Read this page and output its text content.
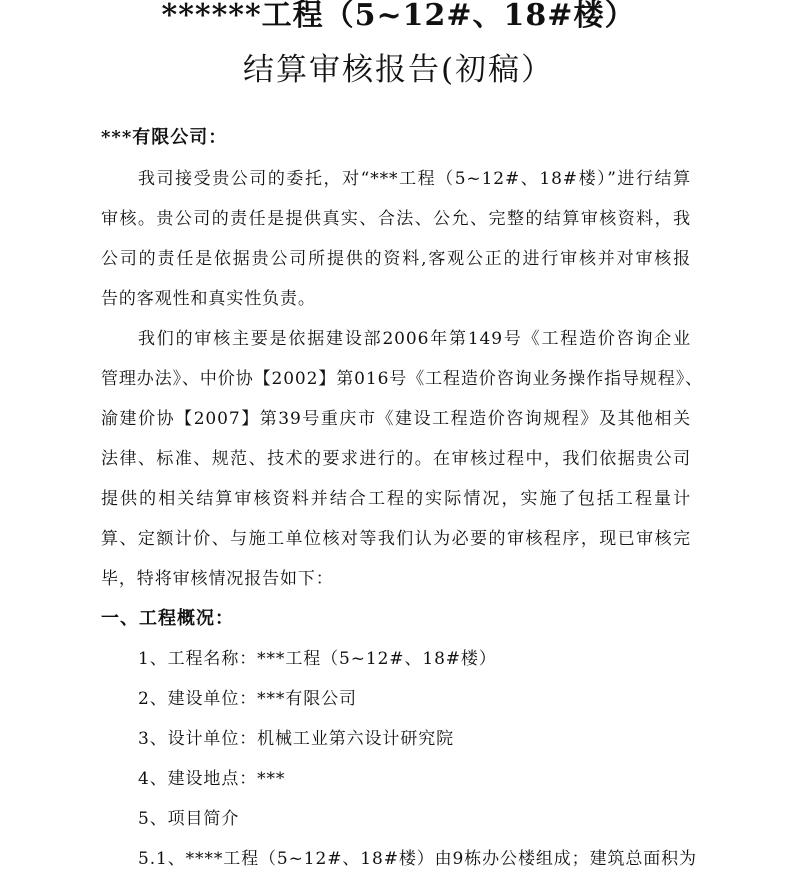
******工程（5~12#、18#楼）
结算审核报告(初稿）
***有限公司：
我司接受贵公司的委托，对“***工程（5~12#、18#楼）”进行结算
审核。贵公司的责任是提供真实、合法、公允、完整的结算审核资料，我
公司的责任是依据贵公司所提供的资料,客观公正的进行审核并对审核报
告的客观性和真实性负责。
我们的审核主要是依据建设部2006年第149号《工程造价咨询企业
管理办法》、中价协【2002】第016号《工程造价咨询业务操作指导规程》、
渝建价协【2007】第39号重庆市《建设工程造价咨询规程》及其他相关
法律、标准、规范、技术的要求进行的。在审核过程中，我们依据贵公司
提供的相关结算审核资料并结合工程的实际情况，实施了包括工程量计
算、定额计价、与施工单位核对等我们认为必要的审核程序，现已审核完
毕，特将审核情况报告如下：
一、工程概况：
1、工程名称：***工程（5~12#、18#楼）
2、建设单位：***有限公司
3、设计单位：机械工业第六设计研究院
4、建设地点：***
5、项目简介
5.1、****工程（5~12#、18#楼）由9栋办公楼组成；建筑总面积为
